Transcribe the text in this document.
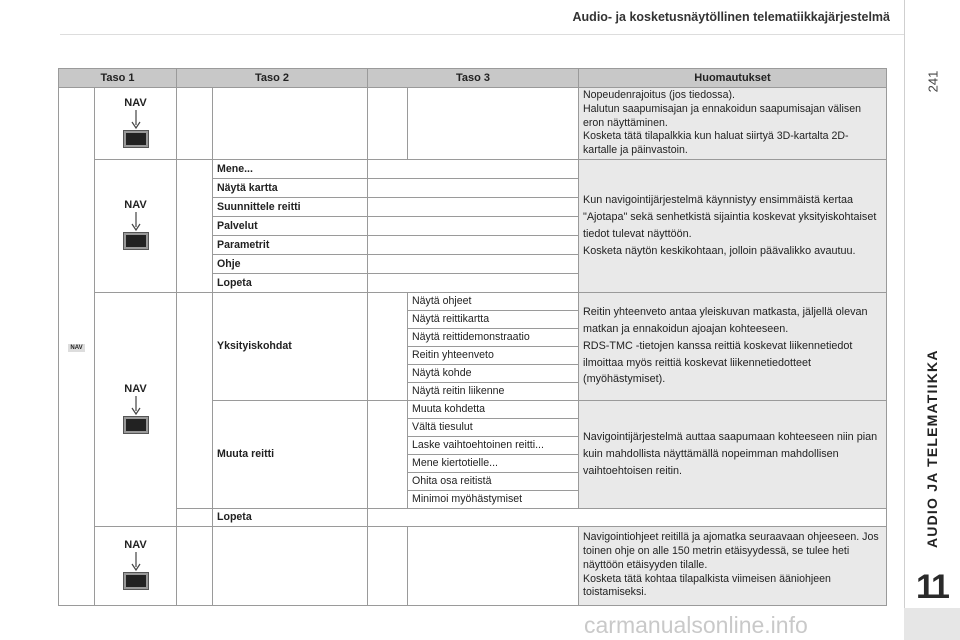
Audio- ja kosketusnäytöllinen telematiikkajärjestelmä
241
AUDIO JA TELEMATIIKKA
11
carmanualsonline.info
Taso 1		Taso 2		Taso 3		Huomautukset
NAV	NAV					Nopeudenrajoitus (jos tiedossa).
Halutun saapumisajan ja ennakoidun saapumisajan välisen eron näyttäminen.
Kosketa tätä tilapalkkia kun haluat siirtyä 3D-kartalta 2D-kartalle ja päinvastoin.

	NAV		Mene...			Kun navigointijärjestelmä käynnistyy ensimmäistä kertaa "Ajotapa" sekä senhetkistä sijaintia koskevat yksityiskohtaiset tiedot tulevat näyttöön.
Kosketa näytön keskikohtaan, jolloin päävalikko avautuu.
			Näytä kartta			
			Suunnittele reitti			
			Palvelut			
			Parametrit			
			Ohje			
			Lopeta			

	NAV		Yksityiskohdat		Näytä ohjeet	Reitin yhteenveto antaa yleiskuvan matkasta, jäljellä olevan matkan ja ennakoidun ajoajan kohteeseen.
RDS-TMC -tietojen kanssa reittiä koskevat liikennetiedot ilmoittaa myös reittiä koskevat liikennetiedotteet (myöhästymiset).
					Näytä reittikartta	
					Näytä reittidemonstraatio	
					Reitin yhteenveto	
					Näytä kohde	
					Näytä reitin liikenne	
			Muuta reitti		Muuta kohdetta	Navigointijärjestelmä auttaa saapumaan kohteeseen niin pian kuin mahdollista näyttämällä nopeimman mahdollisen vaihtoehtoisen reitin.
					Vältä tiesulut	
					Laske vaihtoehtoinen reitti...	
					Mene kiertotielle...	
					Ohita osa reitistä	
					Minimoi myöhästymiset	
			Lopeta			

	NAV					Navigointiohjeet reitillä ja ajomatka seuraavaan ohjeeseen. Jos toinen ohje on alle 150 metrin etäisyydessä, se tulee heti näyttöön etäisyyden tilalle.
Kosketa tätä kohtaa tilapalkista viimeisen ääniohjeen toistamiseksi.
